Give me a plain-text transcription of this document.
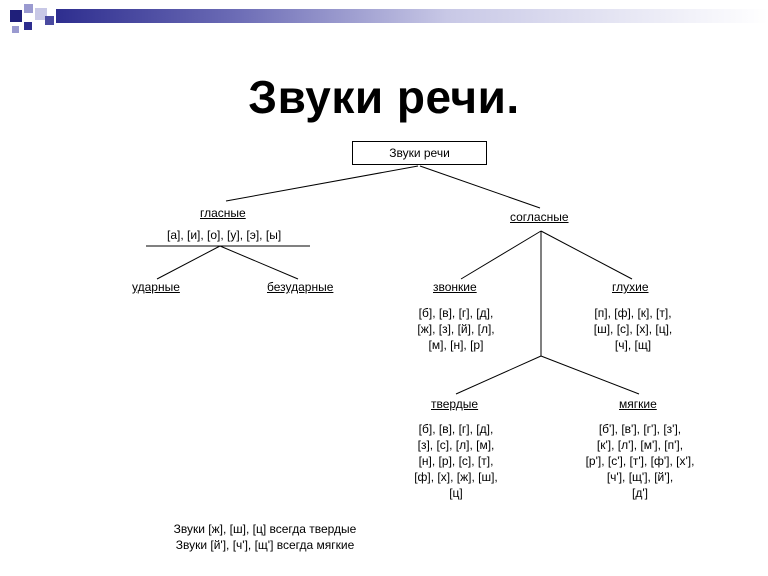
Звуки речи.
Звуки речи
гласные
[а], [и], [о], [у], [э], [ы]
ударные	безударные
согласные
звонкие
[б], [в], [г], [д],
[ж], [з], [й], [л],
[м], [н], [р]
глухие
[п], [ф], [к], [т],
[ш], [с], [х], [ц],
[ч], [щ]
твердые
[б], [в], [г], [д],
[з], [с], [л], [м],
[н], [р], [с], [т],
[ф], [х], [ж], [ш],
[ц]
мягкие
[б'], [в'], [г'], [з'],
[к'], [л'], [м'], [п'],
[р'], [с'], [т'], [ф'], [х'],
[ч'], [щ'], [й'],
[д']
Звуки [ж], [ш], [ц] всегда твердые
Звуки [й'], [ч'], [щ'] всегда мягкие
